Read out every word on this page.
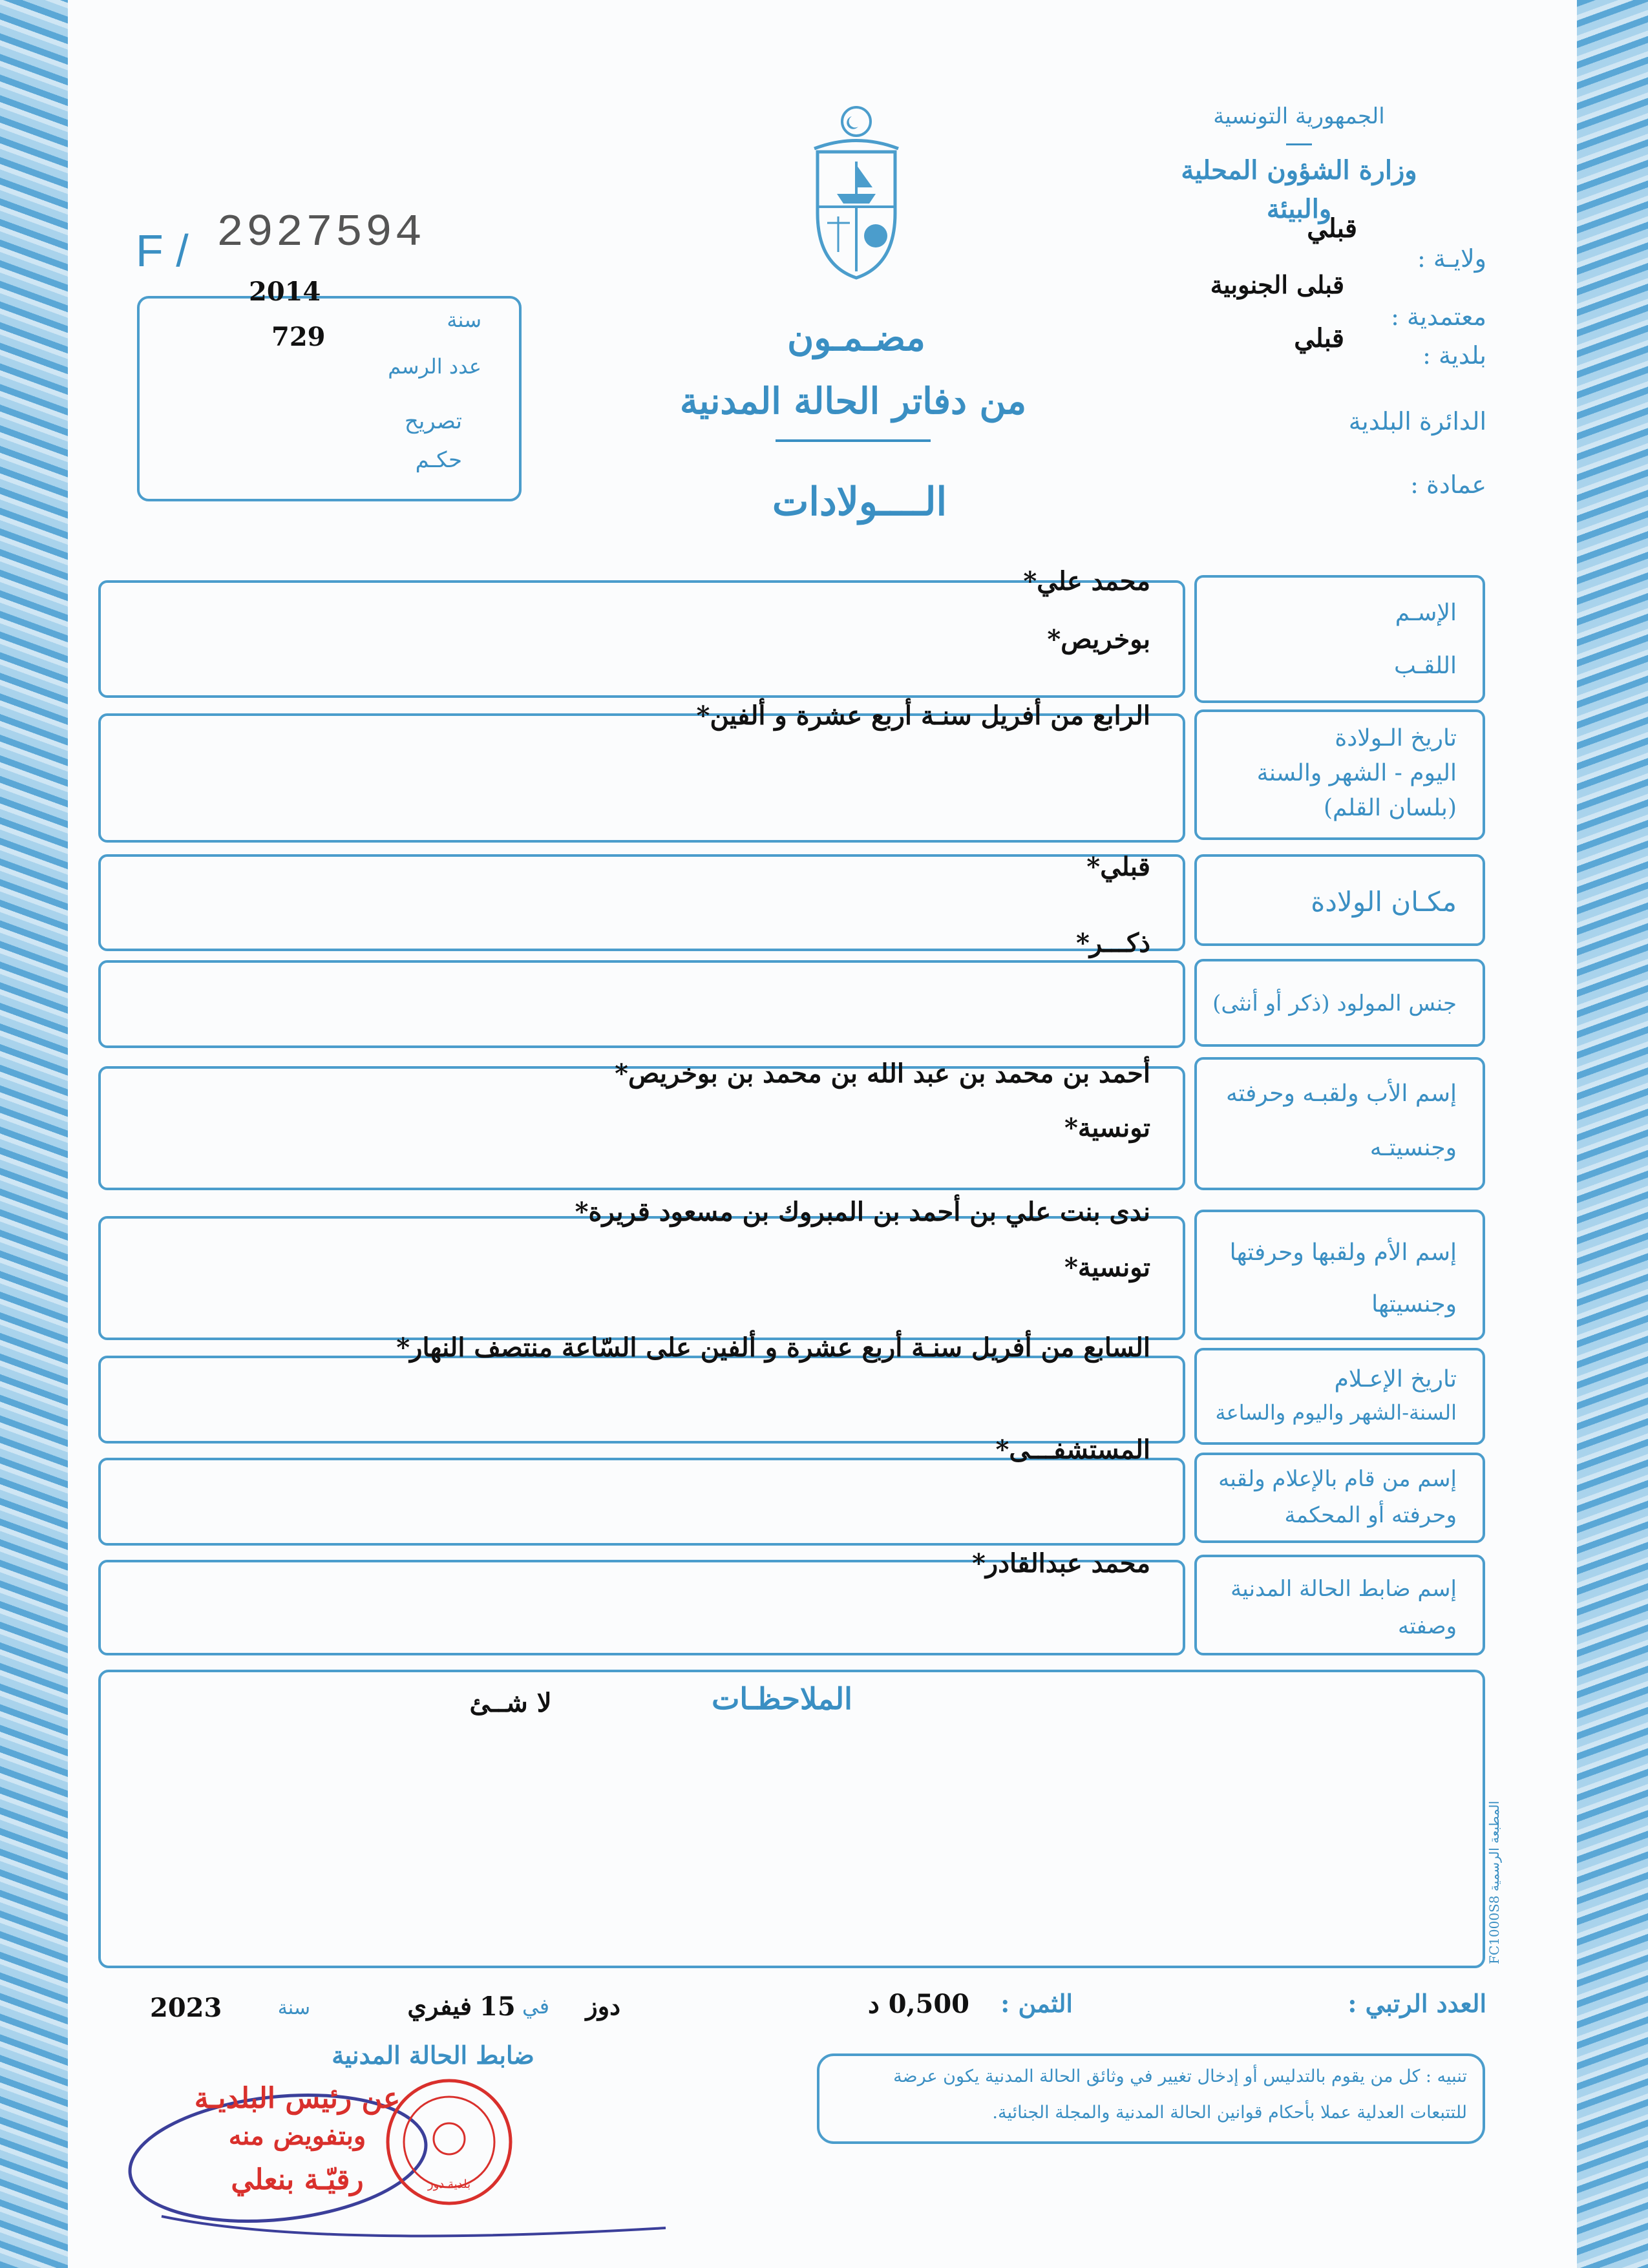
الجمهورية التونسية
وزارة الشؤون المحلية
والبيئة
ولايـة :
قبلي
معتمدية :
قبلى الجنوبية
بلدية :
قبلي
الدائرة البلدية
عمادة :
F / 2927594
2014
729
سنة
عدد الرسم
تصريح
حكـم
مضـمـون
من دفاتر الحالة المدنية
الــــولادات
الإسـم
اللقـب
محمد علي*
بوخريص*
تاريخ الـولادة
اليوم - الشهر والسنة
(بلسان القلم)
الرابع من أفريل سنـة أربع عشرة و ألفين*
مكـان الولادة
قبلي*
جنس المولود (ذكر أو أنثى)
ذكـــر*
إسم الأب ولقبـه وحرفته
وجنسيتـه
أحمد بن محمد بن عبد الله بن محمد بن بوخريص*
تونسية*
إسم الأم ولقبها وحرفتها
وجنسيتها
ندى بنت علي بن أحمد بن المبروك بن مسعود قريرة*
تونسية*
تاريخ الإعـلام
السنة-الشهر واليوم والساعة
السابع من أفريل سنـة أربع عشرة و ألفين على السّاعة منتصف النهار*
إسم من قام بالإعلام ولقبه
وحرفته أو المحكمة
المستشفـــى*
إسم ضابط الحالة المدنية
وصفته
محمد عبدالقادر*
الملاحظـات
لا شــئ
المطبعة الرسمية FC1000S8
العدد الرتبي :
الثمن :
0,500 د
دوز
في
15
فيفري
سنة
2023
ضابط الحالة المدنية
تنبيه : كل من يقوم بالتدليس أو إدخال تغيير في وثائق الحالة المدنية يكون عرضة
للتتبعات العدلية عملا بأحكام قوانين الحالة المدنية والمجلة الجنائية.
عن رئيس البلديـة
وبتفويض منه
رقيّـة بنعلي	بلدية دوز
